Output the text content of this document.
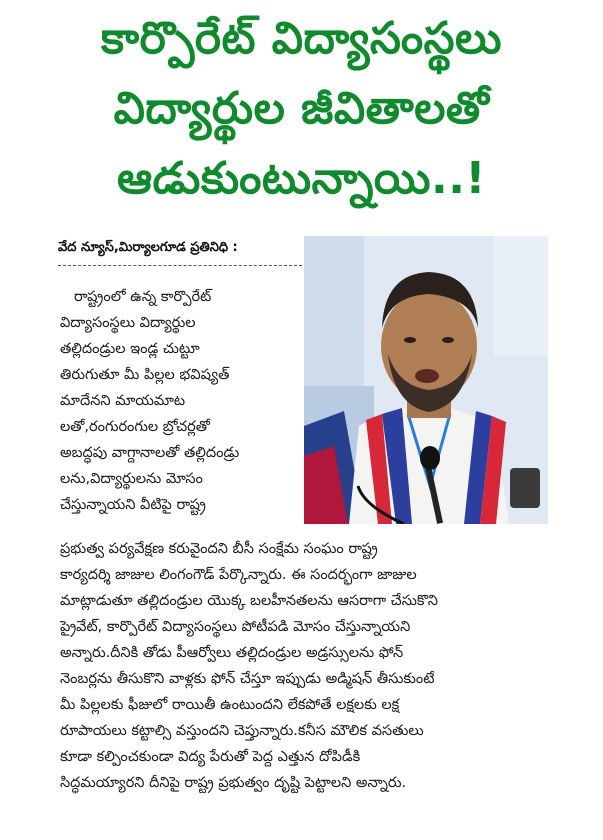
కార్పొరేట్ విద్యాసంస్థలు
విద్యార్థుల జీవితాలతో
ఆడుకుంటున్నాయి..!
వేద న్యూస్,మిర్యాలగూడ ప్రతినిధి :
రాష్ట్రంలో ఉన్న కార్పొరేట్
విద్యాసంస్థలు విద్యార్థుల
తల్లిదండ్రుల ఇండ్ల చుట్టూ
తిరుగుతూ మీ పిల్లల భవిష్యత్
మాదేనని మాయమాట
లతో,రంగురంగుల బ్రోచర్లతో
అబద్ధపు వాగ్దానాలతో తల్లిదండ్రు
లను,విద్యార్థులను మోసం
చేస్తున్నాయని వీటిపై రాష్ట్ర
ప్రభుత్వ పర్యవేక్షణ కరువైందని బీసీ సంక్షేమ సంఘం రాష్ట్ర
కార్యదర్శి జాజుల లింగంగౌడ్ పేర్కొన్నారు. ఈ సందర్భంగా జాజుల
మాట్లాడుతూ తల్లిదండ్రుల యొక్క బలహీనతలను ఆసరాగా చేసుకొని
ప్రైవేట్, కార్పొరేట్ విద్యాసంస్థలు పోటీపడి మోసం చేస్తున్నాయని
అన్నారు.దీనికి తోడు పీఆర్వోలు తల్లిదండ్రుల అడ్రస్సులను ఫోన్
నెంబర్లను తీసుకొని వాళ్లకు ఫోన్ చేస్తూ ఇప్పుడు అడ్మిషన్ తీసుకుంటే
మీ పిల్లలకు ఫీజులో రాయితీ ఉంటుందని లేకపోతే లక్షలకు లక్ష
రూపాయలు కట్టాల్సి వస్తుందని చెప్తున్నారు.కనీస మౌలిక వసతులు
కూడా కల్పించకుండా విద్య పేరుతో పెద్ద ఎత్తున దోపిడీకి
సిద్ధమయ్యారని దీనిపై రాష్ట్ర ప్రభుత్వం దృష్టి పెట్టాలని అన్నారు.
